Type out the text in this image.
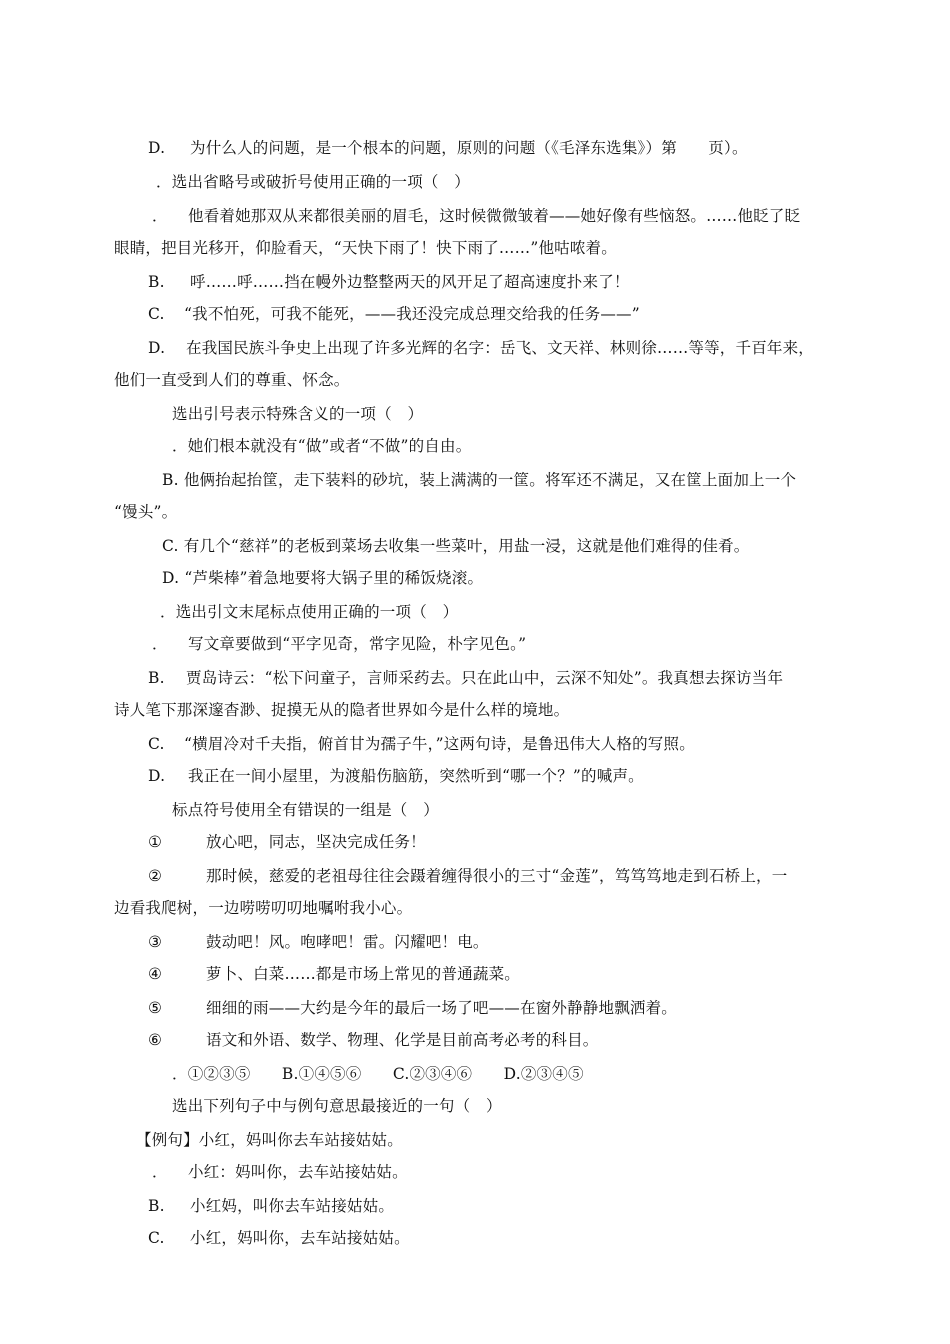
D. 为什么人的问题，是一个根本的问题，原则的问题（《毛泽东选集》）第　　页）。
．选出省略号或破折号使用正确的一项（　）
． 他看着她那双从来都很美丽的眉毛，这时候微微皱着——她好像有些恼怒。……他眨了眨
眼睛，把目光移开，仰脸看天，“天快下雨了！快下雨了……”他咕哝着。
B. 呼……呼……挡在幔外边整整两天的风开足了超高速度扑来了！
C. “我不怕死，可我不能死，——我还没完成总理交给我的任务——”
D. 在我国民族斗争史上出现了许多光辉的名字：岳飞、文天祥、林则徐……等等，千百年来，
他们一直受到人们的尊重、怀念。
选出引号表示特殊含义的一项（　）
．她们根本就没有“做”或者“不做”的自由。
B. 他俩抬起抬筐，走下装料的砂坑，装上满满的一筐。将军还不满足，又在筐上面加上一个
“馒头”。
C. 有几个“慈祥”的老板到菜场去收集一些菜叶，用盐一浸，这就是他们难得的佳肴。
D. “芦柴棒”着急地要将大锅子里的稀饭烧滚。
．选出引文末尾标点使用正确的一项（　）
． 写文章要做到“平字见奇，常字见险，朴字见色。”
B. 贾岛诗云：“松下问童子，言师采药去。只在此山中，云深不知处”。我真想去探访当年
诗人笔下那深邃杳渺、捉摸无从的隐者世界如今是什么样的境地。
C. “横眉冷对千夫指，俯首甘为孺子牛，”这两句诗，是鲁迅伟大人格的写照。
D. 我正在一间小屋里，为渡船伤脑筋，突然听到“哪一个？”的喊声。
标点符号使用全有错误的一组是（　）
①	放心吧，同志，坚决完成任务！
②	那时候，慈爱的老祖母往往会蹑着缠得很小的三寸“金莲”，笃笃笃地走到石桥上，一
边看我爬树，一边唠唠叨叨地嘱咐我小心。
③	鼓动吧！风。咆哮吧！雷。闪耀吧！电。
④	萝卜、白菜……都是市场上常见的普通蔬菜。
⑤	细细的雨——大约是今年的最后一场了吧——在窗外静静地飘洒着。
⑥	语文和外语、数学、物理、化学是目前高考必考的科目。
．①②③⑤　　B.①④⑤⑥　　C.②③④⑥　　D.②③④⑤
选出下列句子中与例句意思最接近的一句（　）
【例句】小红，妈叫你去车站接姑姑。
． 小红：妈叫你，去车站接姑姑。
B. 小红妈，叫你去车站接姑姑。
C. 小红，妈叫你，去车站接姑姑。
